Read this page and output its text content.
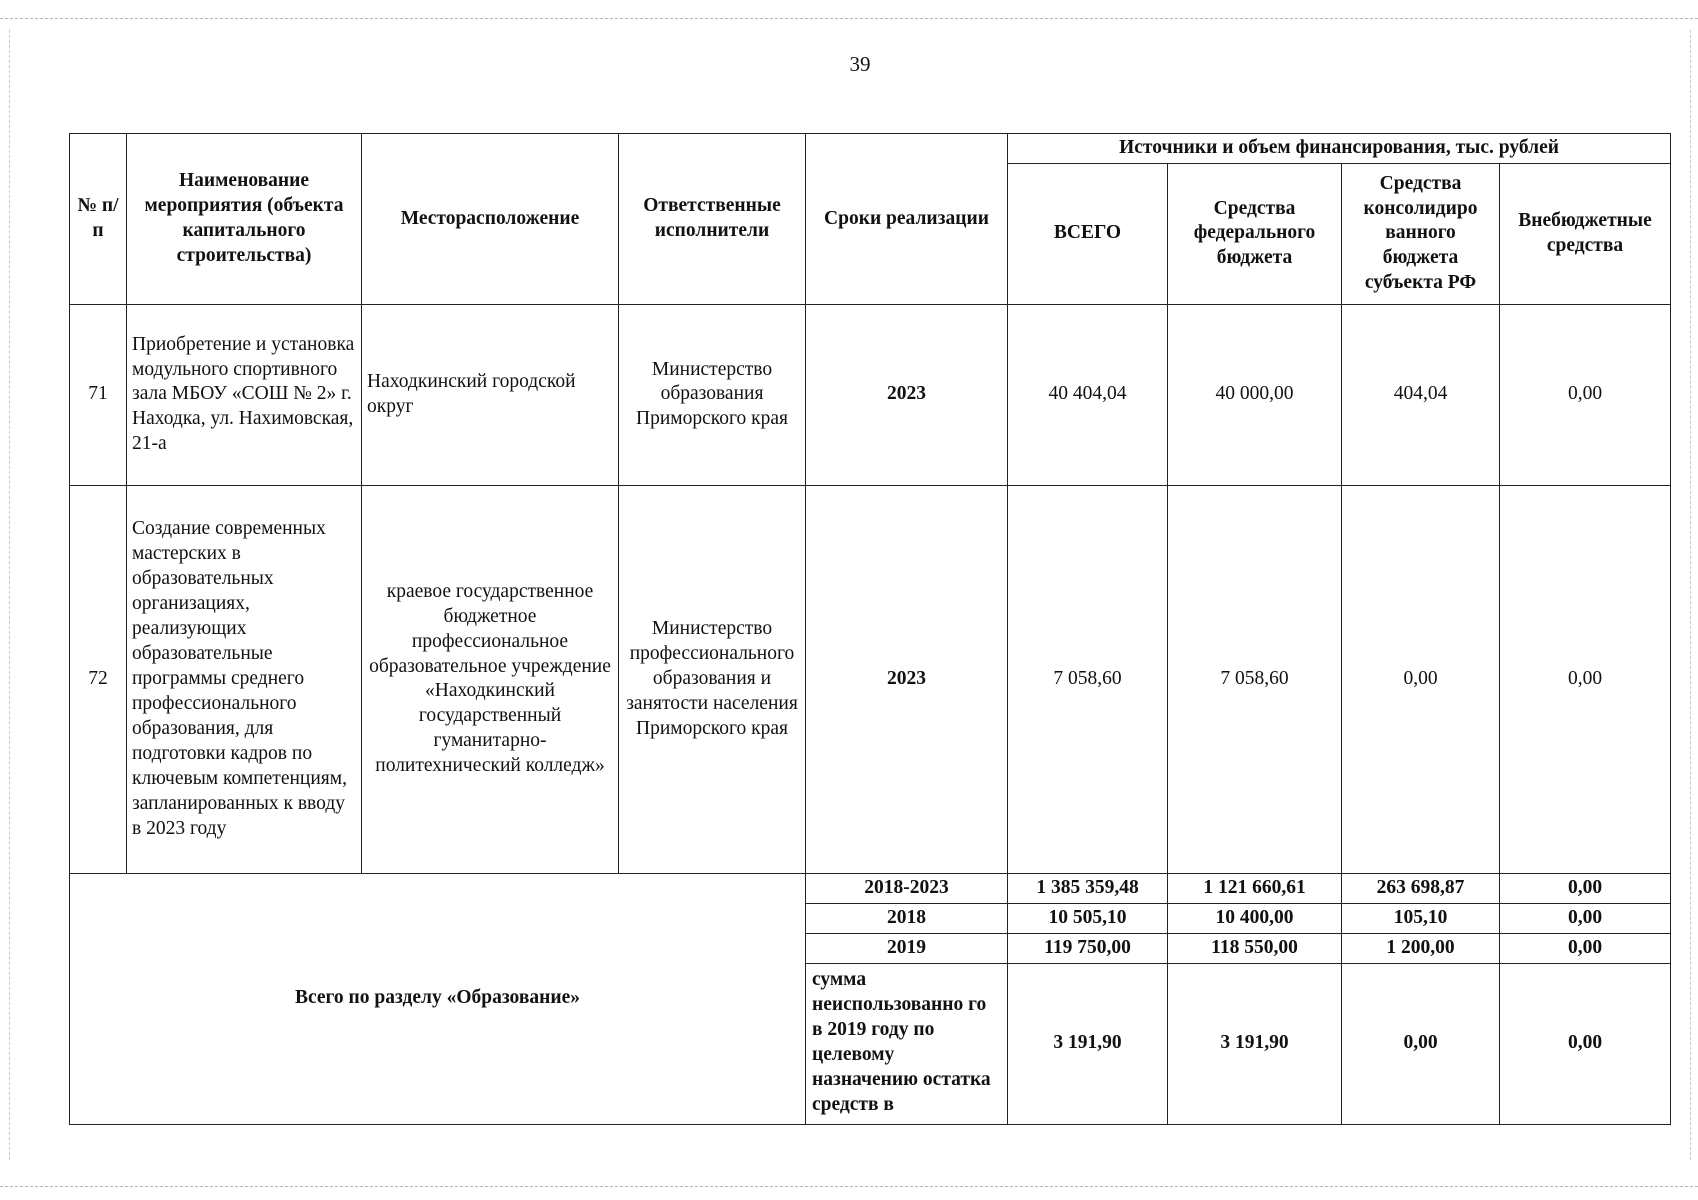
39
№ п/п	Наименование мероприятия (объекта капитального строительства)	Месторасположение	Ответственные исполнители	Сроки реализации	Источники и объем финансирования, тыс. рублей			
					ВСЕГО	Средства федерального бюджета	Средства консолидиро ванного бюджета субъекта РФ	Внебюджетные средства
71	Приобретение и установка модульного спортивного зала МБОУ «СОШ № 2» г. Находка, ул. Нахимовская, 21-а	Находкинский городской округ	Министерство образования Приморского края	2023	40 404,04	40 000,00	404,04	0,00
72	Создание современных мастерских в образовательных организациях, реализующих образовательные программы среднего профессионального образования, для подготовки кадров по ключевым компетенциям, запланированных к вводу в 2023 году	краевое государственное бюджетное профессиональное образовательное учреждение «Находкинский государственный гуманитарно-политехнический колледж»	Министерство профессионального образования и занятости населения Приморского края	2023	7 058,60	7 058,60	0,00	0,00
Всего по разделу «Образование»				2018-2023	1 385 359,48	1 121 660,61	263 698,87	0,00
				2018	10 505,10	10 400,00	105,10	0,00
				2019	119 750,00	118 550,00	1 200,00	0,00

				сумма неиспользованно го в 2019 году по целевому назначению остатка средств в	3 191,90	3 191,90	0,00	0,00
